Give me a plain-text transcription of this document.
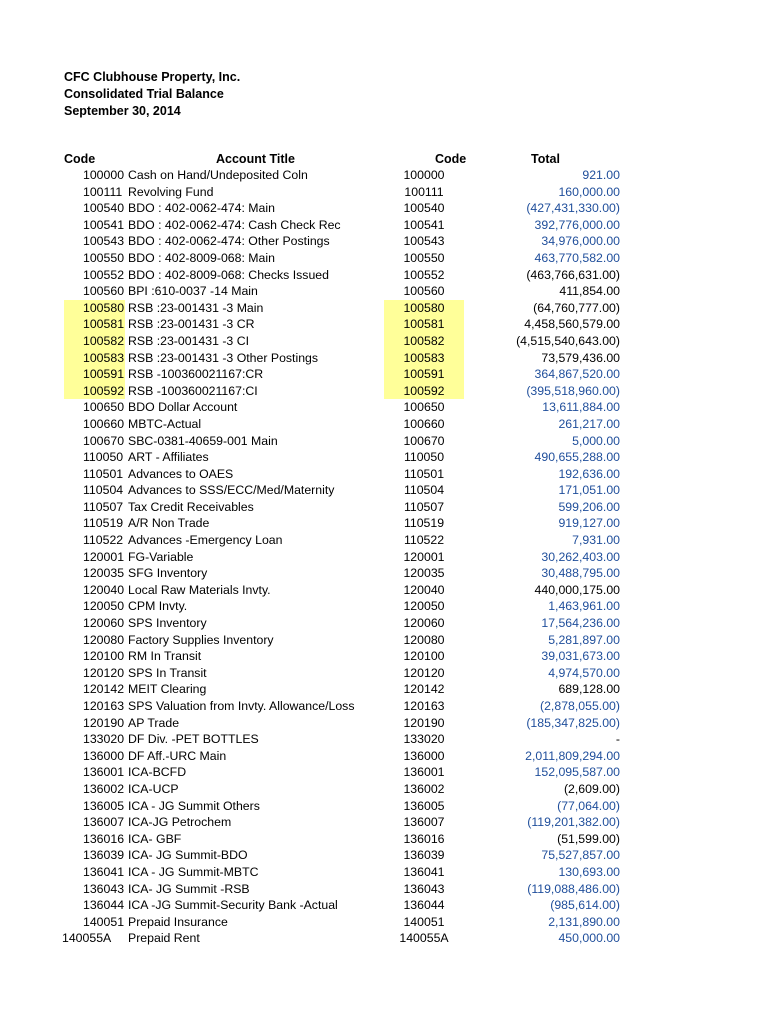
CFC Clubhouse Property, Inc.
Consolidated Trial Balance
September 30, 2014
Code	Account Title	Code	Total
100000 Cash on Hand/Undeposited Coln	100000	921.00
100111 Revolving Fund	100111	160,000.00
100540 BDO : 402-0062-474: Main	100540	(427,431,330.00)
100541 BDO : 402-0062-474: Cash Check Rec	100541	392,776,000.00
100543 BDO : 402-0062-474: Other Postings	100543	34,976,000.00
100550 BDO : 402-8009-068: Main	100550	463,770,582.00
100552 BDO : 402-8009-068: Checks Issued	100552	(463,766,631.00)
100560 BPI :610-0037 -14 Main	100560	411,854.00
100580 RSB :23-001431 -3 Main	100580	(64,760,777.00)
100581 RSB :23-001431 -3 CR	100581	4,458,560,579.00
100582 RSB :23-001431 -3 CI	100582	(4,515,540,643.00)
100583 RSB :23-001431 -3 Other Postings	100583	73,579,436.00
100591 RSB -100360021167:CR	100591	364,867,520.00
100592 RSB -100360021167:CI	100592	(395,518,960.00)
100650 BDO Dollar Account	100650	13,611,884.00
100660 MBTC-Actual	100660	261,217.00
100670 SBC-0381-40659-001 Main	100670	5,000.00
110050 ART - Affiliates	110050	490,655,288.00
110501 Advances to OAES	110501	192,636.00
110504 Advances to SSS/ECC/Med/Maternity	110504	171,051.00
110507 Tax Credit Receivables	110507	599,206.00
110519 A/R Non Trade	110519	919,127.00
110522 Advances -Emergency Loan	110522	7,931.00
120001 FG-Variable	120001	30,262,403.00
120035 SFG Inventory	120035	30,488,795.00
120040 Local Raw Materials Invty.	120040	440,000,175.00
120050 CPM Invty.	120050	1,463,961.00
120060 SPS Inventory	120060	17,564,236.00
120080 Factory Supplies Inventory	120080	5,281,897.00
120100 RM In Transit	120100	39,031,673.00
120120 SPS In Transit	120120	4,974,570.00
120142 MEIT Clearing	120142	689,128.00
120163 SPS Valuation from Invty. Allowance/Loss	120163	(2,878,055.00)
120190 AP Trade	120190	(185,347,825.00)
133020 DF Div. -PET BOTTLES	133020	-
136000 DF Aff.-URC Main	136000	2,011,809,294.00
136001 ICA-BCFD	136001	152,095,587.00
136002 ICA-UCP	136002	(2,609.00)
136005 ICA - JG Summit Others	136005	(77,064.00)
136007 ICA-JG Petrochem	136007	(119,201,382.00)
136016 ICA- GBF	136016	(51,599.00)
136039 ICA- JG Summit-BDO	136039	75,527,857.00
136041 ICA - JG Summit-MBTC	136041	130,693.00
136043 ICA- JG Summit -RSB	136043	(119,088,486.00)
136044 ICA -JG Summit-Security Bank -Actual	136044	(985,614.00)
140051 Prepaid Insurance	140051	2,131,890.00
140055A Prepaid Rent	140055A	450,000.00
